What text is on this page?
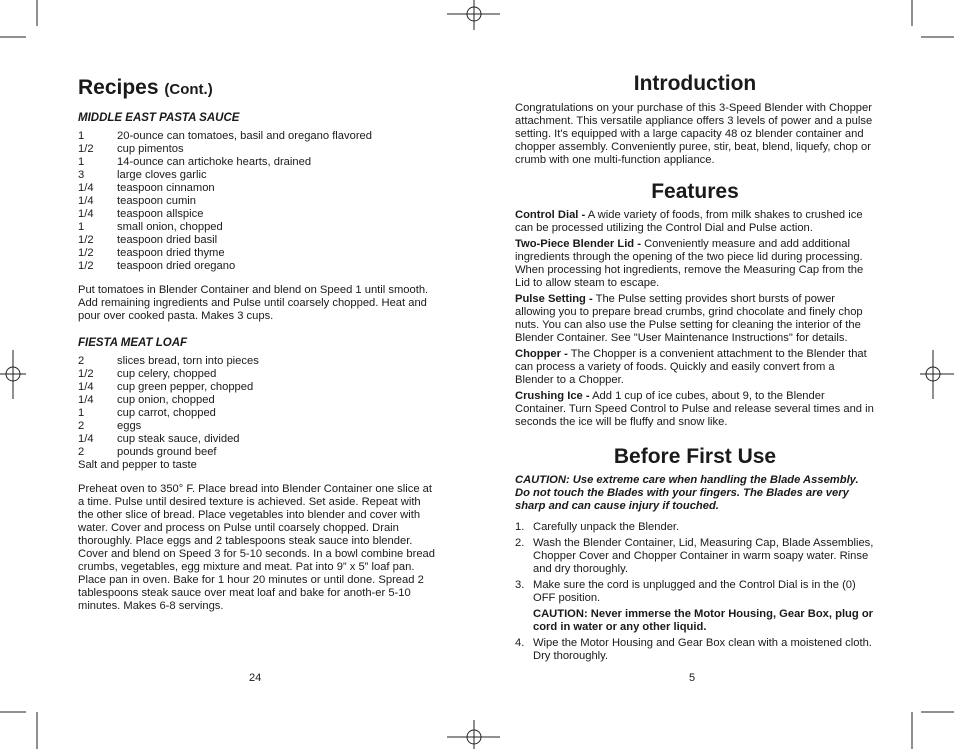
Recipes (Cont.)
MIDDLE EAST PASTA SAUCE
1	20-ounce can tomatoes, basil and oregano flavored
1/2	cup pimentos
1	14-ounce can artichoke hearts, drained
3	large cloves garlic
1/4	teaspoon cinnamon
1/4	teaspoon cumin
1/4	teaspoon allspice
1	small onion, chopped
1/2	teaspoon dried basil
1/2	teaspoon dried thyme
1/2	teaspoon dried oregano

Put tomatoes in Blender Container and blend on Speed 1 until smooth. Add remaining ingredients and Pulse until coarsely chopped. Heat and pour over cooked pasta. Makes 3 cups.

FIESTA MEAT LOAF
2	slices bread, torn into pieces
1/2	cup celery, chopped
1/4	cup green pepper, chopped
1/4	cup onion, chopped
1	cup carrot, chopped
2	eggs
1/4	cup steak sauce, divided
2	pounds ground beef
Salt and pepper to taste

Preheat oven to 350° F. Place bread into Blender Container one slice at a time. Pulse until desired texture is achieved. Set aside. Repeat with the other slice of bread. Place vegetables into blender and cover with water. Cover and process on Pulse until coarsely chopped. Drain thoroughly. Place eggs and 2 tablespoons steak sauce into blender. Cover and blend on Speed 3 for 5-10 seconds. In a bowl combine bread crumbs, vegetables, egg mixture and meat. Pat into 9” x 5” loaf pan. Place pan in oven. Bake for 1 hour 20 minutes or until done. Spread 2 tablespoons steak sauce over meat loaf and bake for anoth-er 5-10 minutes. Makes 6-8 servings.

24
Introduction

Congratulations on your purchase of this 3-Speed Blender with Chopper attachment. This versatile appliance offers 3 levels of power and a pulse setting. It's equipped with a large capacity 48 oz blender container and chopper assembly. Conveniently puree, stir, beat, blend, liquefy, chop or crumb with one multi-function appliance.

Features

Control Dial - A wide variety of foods, from milk shakes to crushed ice can be processed utilizing the Control Dial and Pulse action.

Two-Piece Blender Lid - Conveniently measure and add additional ingredients through the opening of the two piece lid during processing. When processing hot ingredients, remove the Measuring Cap from the Lid to allow steam to escape.

Pulse Setting - The Pulse setting provides short bursts of power allowing you to prepare bread crumbs, grind chocolate and finely chop nuts. You can also use the Pulse setting for cleaning the interior of the Blender Container. See "User Maintenance Instructions" for details.

Chopper - The Chopper is a convenient attachment to the Blender that can process a variety of foods. Quickly and easily convert from a Blender to a Chopper.

Crushing Ice - Add 1 cup of ice cubes, about 9, to the Blender Container. Turn Speed Control to Pulse and release several times and in seconds the ice will be fluffy and snow like.

Before First Use

CAUTION: Use extreme care when handling the Blade Assembly. Do not touch the Blades with your fingers. The Blades are very sharp and can cause injury if touched.

1. Carefully unpack the Blender.
2. Wash the Blender Container, Lid, Measuring Cap, Blade Assemblies, Chopper Cover and Chopper Container in warm soapy water. Rinse and dry thoroughly.
3. Make sure the cord is unplugged and the Control Dial is in the (0) OFF position.

CAUTION: Never immerse the Motor Housing, Gear Box, plug or cord in water or any other liquid.

4. Wipe the Motor Housing and Gear Box clean with a moistened cloth. Dry thoroughly.
5
